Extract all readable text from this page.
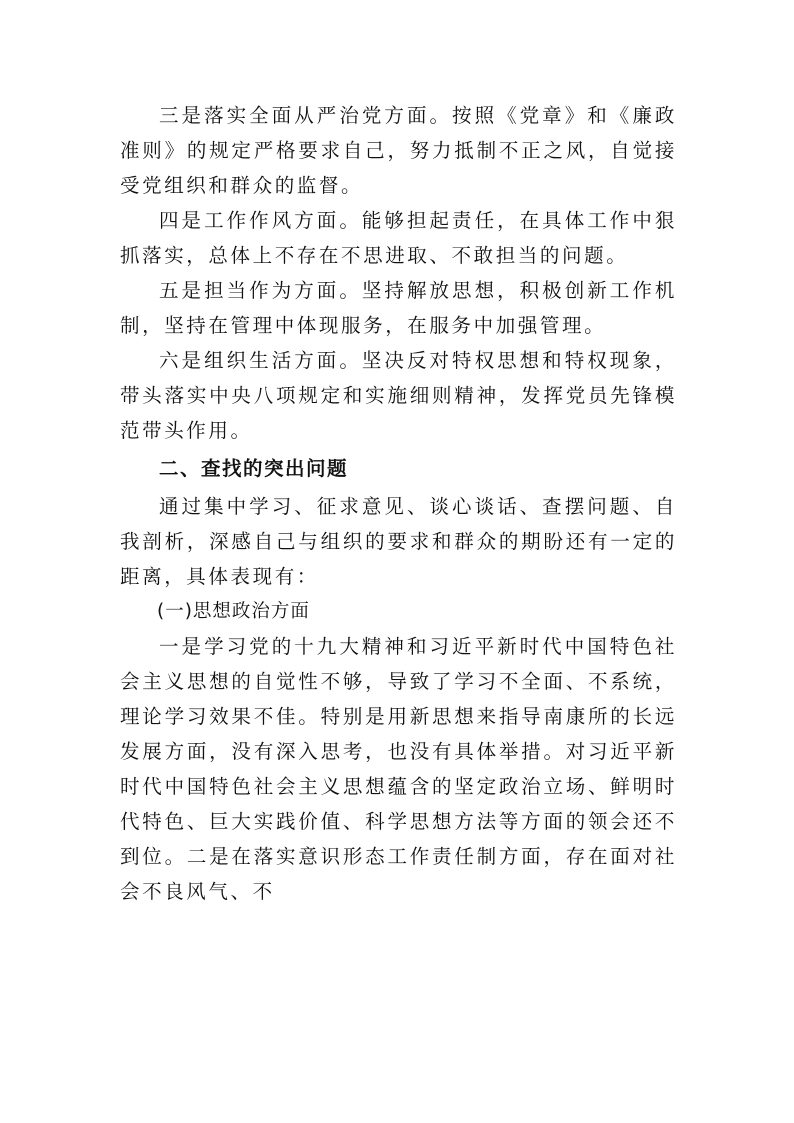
三是落实全面从严治党方面。按照《党章》和《廉政准则》的规定严格要求自己，努力抵制不正之风，自觉接受党组织和群众的监督。

四是工作作风方面。能够担起责任，在具体工作中狠抓落实，总体上不存在不思进取、不敢担当的问题。

五是担当作为方面。坚持解放思想，积极创新工作机制，坚持在管理中体现服务，在服务中加强管理。

六是组织生活方面。坚决反对特权思想和特权现象，带头落实中央八项规定和实施细则精神，发挥党员先锋模范带头作用。

二、查找的突出问题

通过集中学习、征求意见、谈心谈话、查摆问题、自我剖析，深感自己与组织的要求和群众的期盼还有一定的距离，具体表现有：

(一)思想政治方面

一是学习党的十九大精神和习近平新时代中国特色社会主义思想的自觉性不够，导致了学习不全面、不系统，理论学习效果不佳。特别是用新思想来指导南康所的长远发展方面，没有深入思考，也没有具体举措。对习近平新时代中国特色社会主义思想蕴含的坚定政治立场、鲜明时代特色、巨大实践价值、科学思想方法等方面的领会还不到位。二是在落实意识形态工作责任制方面，存在面对社会不良风气、不
